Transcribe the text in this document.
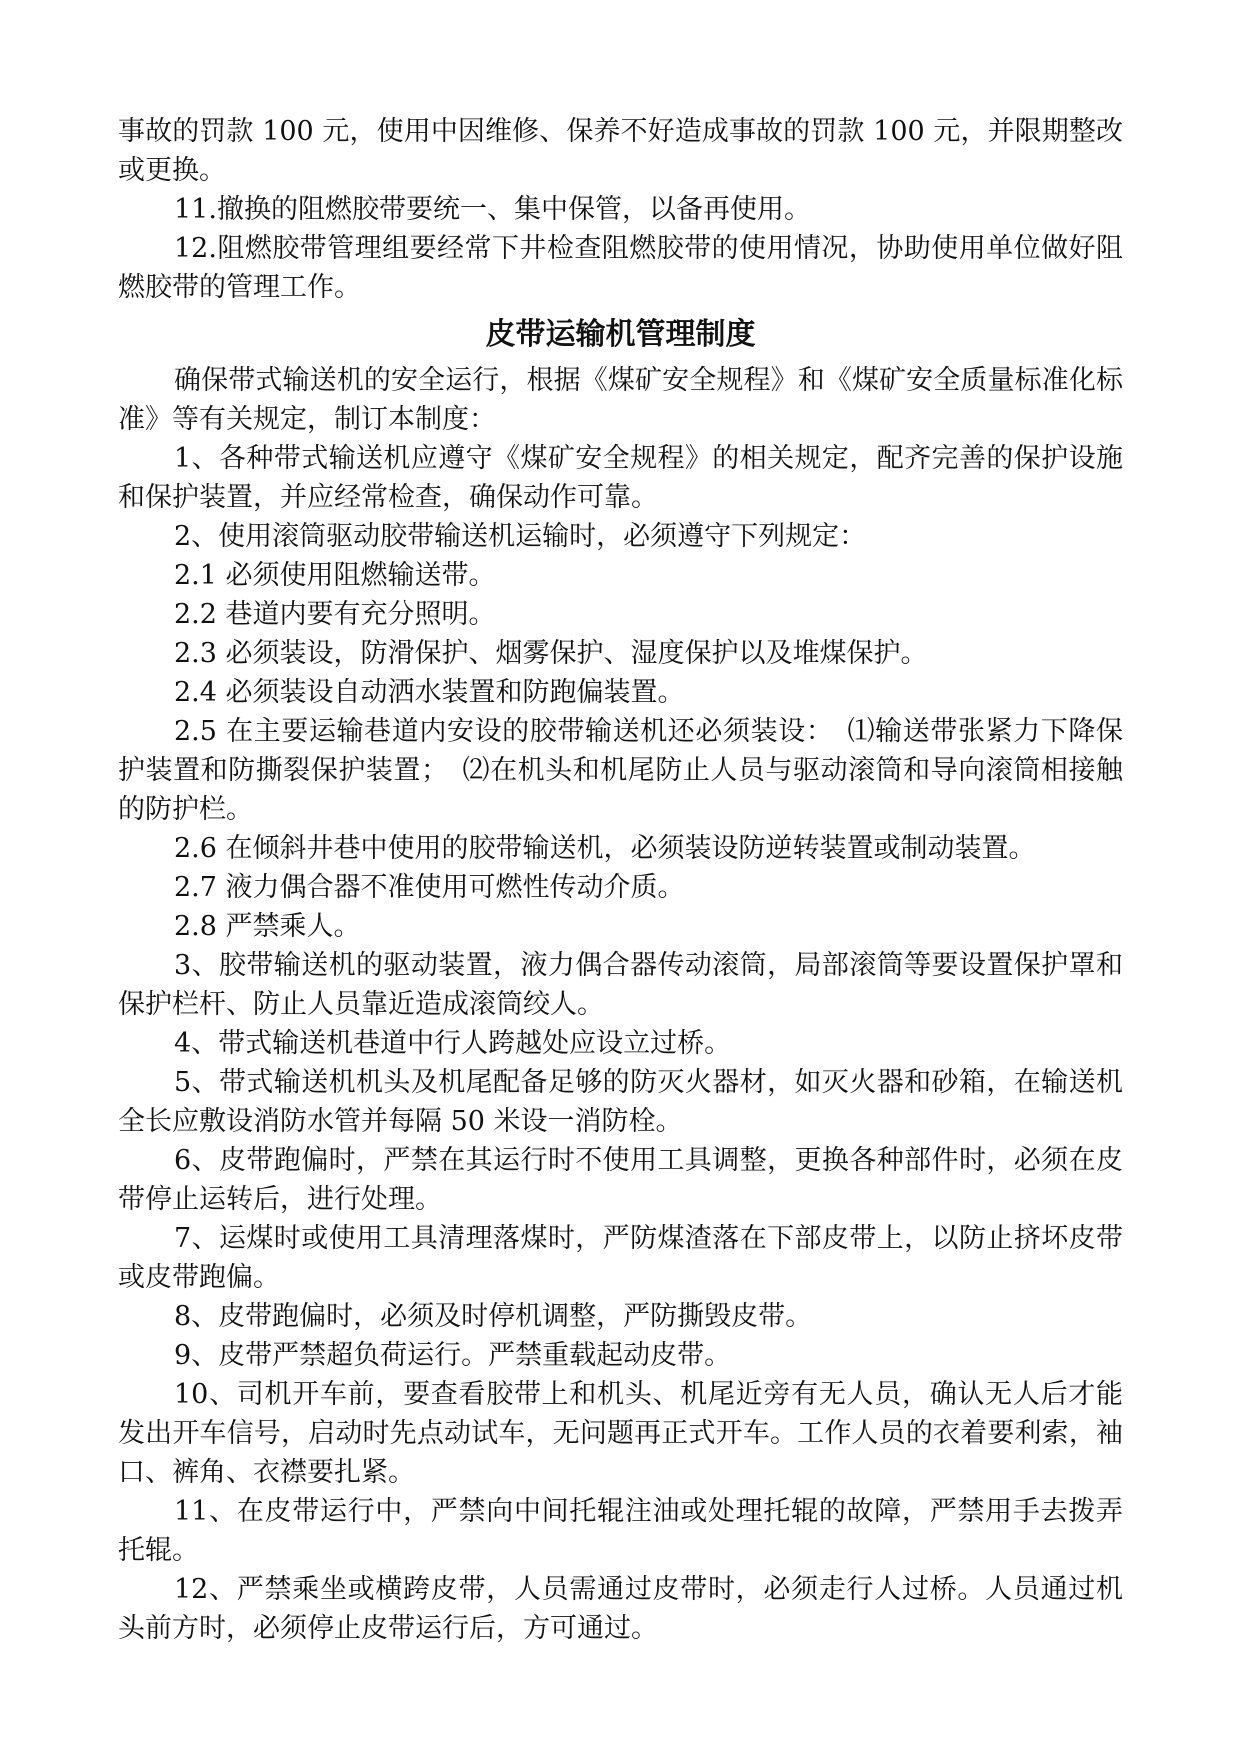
事故的罚款 100 元，使用中因维修、保养不好造成事故的罚款 100 元，并限期整改或更换。

11.撤换的阻燃胶带要统一、集中保管，以备再使用。

12.阻燃胶带管理组要经常下井检查阻燃胶带的使用情况，协助使用单位做好阻燃胶带的管理工作。

皮带运输机管理制度

确保带式输送机的安全运行，根据《煤矿安全规程》和《煤矿安全质量标准化标准》等有关规定，制订本制度：

1、各种带式输送机应遵守《煤矿安全规程》的相关规定，配齐完善的保护设施和保护装置，并应经常检查，确保动作可靠。

2、使用滚筒驱动胶带输送机运输时，必须遵守下列规定：

2.1 必须使用阻燃输送带。

2.2 巷道内要有充分照明。

2.3 必须装设，防滑保护、烟雾保护、湿度保护以及堆煤保护。

2.4 必须装设自动洒水装置和防跑偏装置。

2.5 在主要运输巷道内安设的胶带输送机还必须装设：　⑴输送带张紧力下降保护装置和防撕裂保护装置；　⑵在机头和机尾防止人员与驱动滚筒和导向滚筒相接触的防护栏。

2.6 在倾斜井巷中使用的胶带输送机，必须装设防逆转装置或制动装置。

2.7 液力偶合器不准使用可燃性传动介质。

2.8 严禁乘人。

3、胶带输送机的驱动装置，液力偶合器传动滚筒，局部滚筒等要设置保护罩和保护栏杆、防止人员靠近造成滚筒绞人。

4、带式输送机巷道中行人跨越处应设立过桥。

5、带式输送机机头及机尾配备足够的防灭火器材，如灭火器和砂箱，在输送机全长应敷设消防水管并每隔 50 米设一消防栓。

6、皮带跑偏时，严禁在其运行时不使用工具调整，更换各种部件时，必须在皮带停止运转后，进行处理。

7、运煤时或使用工具清理落煤时，严防煤渣落在下部皮带上，以防止挤坏皮带或皮带跑偏。

8、皮带跑偏时，必须及时停机调整，严防撕毁皮带。

9、皮带严禁超负荷运行。严禁重载起动皮带。

10、司机开车前，要查看胶带上和机头、机尾近旁有无人员，确认无人后才能发出开车信号，启动时先点动试车，无问题再正式开车。工作人员的衣着要利索，袖口、裤角、衣襟要扎紧。

11、在皮带运行中，严禁向中间托辊注油或处理托辊的故障，严禁用手去拨弄托辊。

12、严禁乘坐或横跨皮带，人员需通过皮带时，必须走行人过桥。人员通过机头前方时，必须停止皮带运行后，方可通过。
